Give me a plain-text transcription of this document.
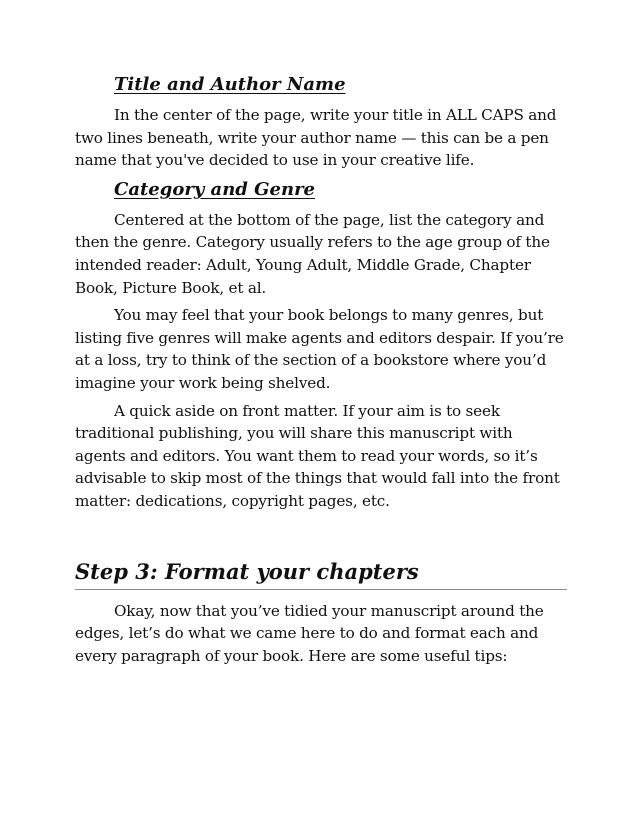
Title and Author Name

In the center of the page, write your title in ALL CAPS and two lines beneath, write your author name — this can be a pen name that you've decided to use in your creative life.

Category and Genre

Centered at the bottom of the page, list the category and then the genre. Category usually refers to the age group of the intended reader: Adult, Young Adult, Middle Grade, Chapter Book, Picture Book, et al.

You may feel that your book belongs to many genres, but listing five genres will make agents and editors despair. If you’re at a loss, try to think of the section of a bookstore where you’d imagine your work being shelved.

A quick aside on front matter. If your aim is to seek traditional publishing, you will share this manuscript with agents and editors. You want them to read your words, so it’s advisable to skip most of the things that would fall into the front matter: dedications, copyright pages, etc.

Step 3: Format your chapters

Okay, now that you’ve tidied your manuscript around the edges, let’s do what we came here to do and format each and every paragraph of your book. Here are some useful tips:
